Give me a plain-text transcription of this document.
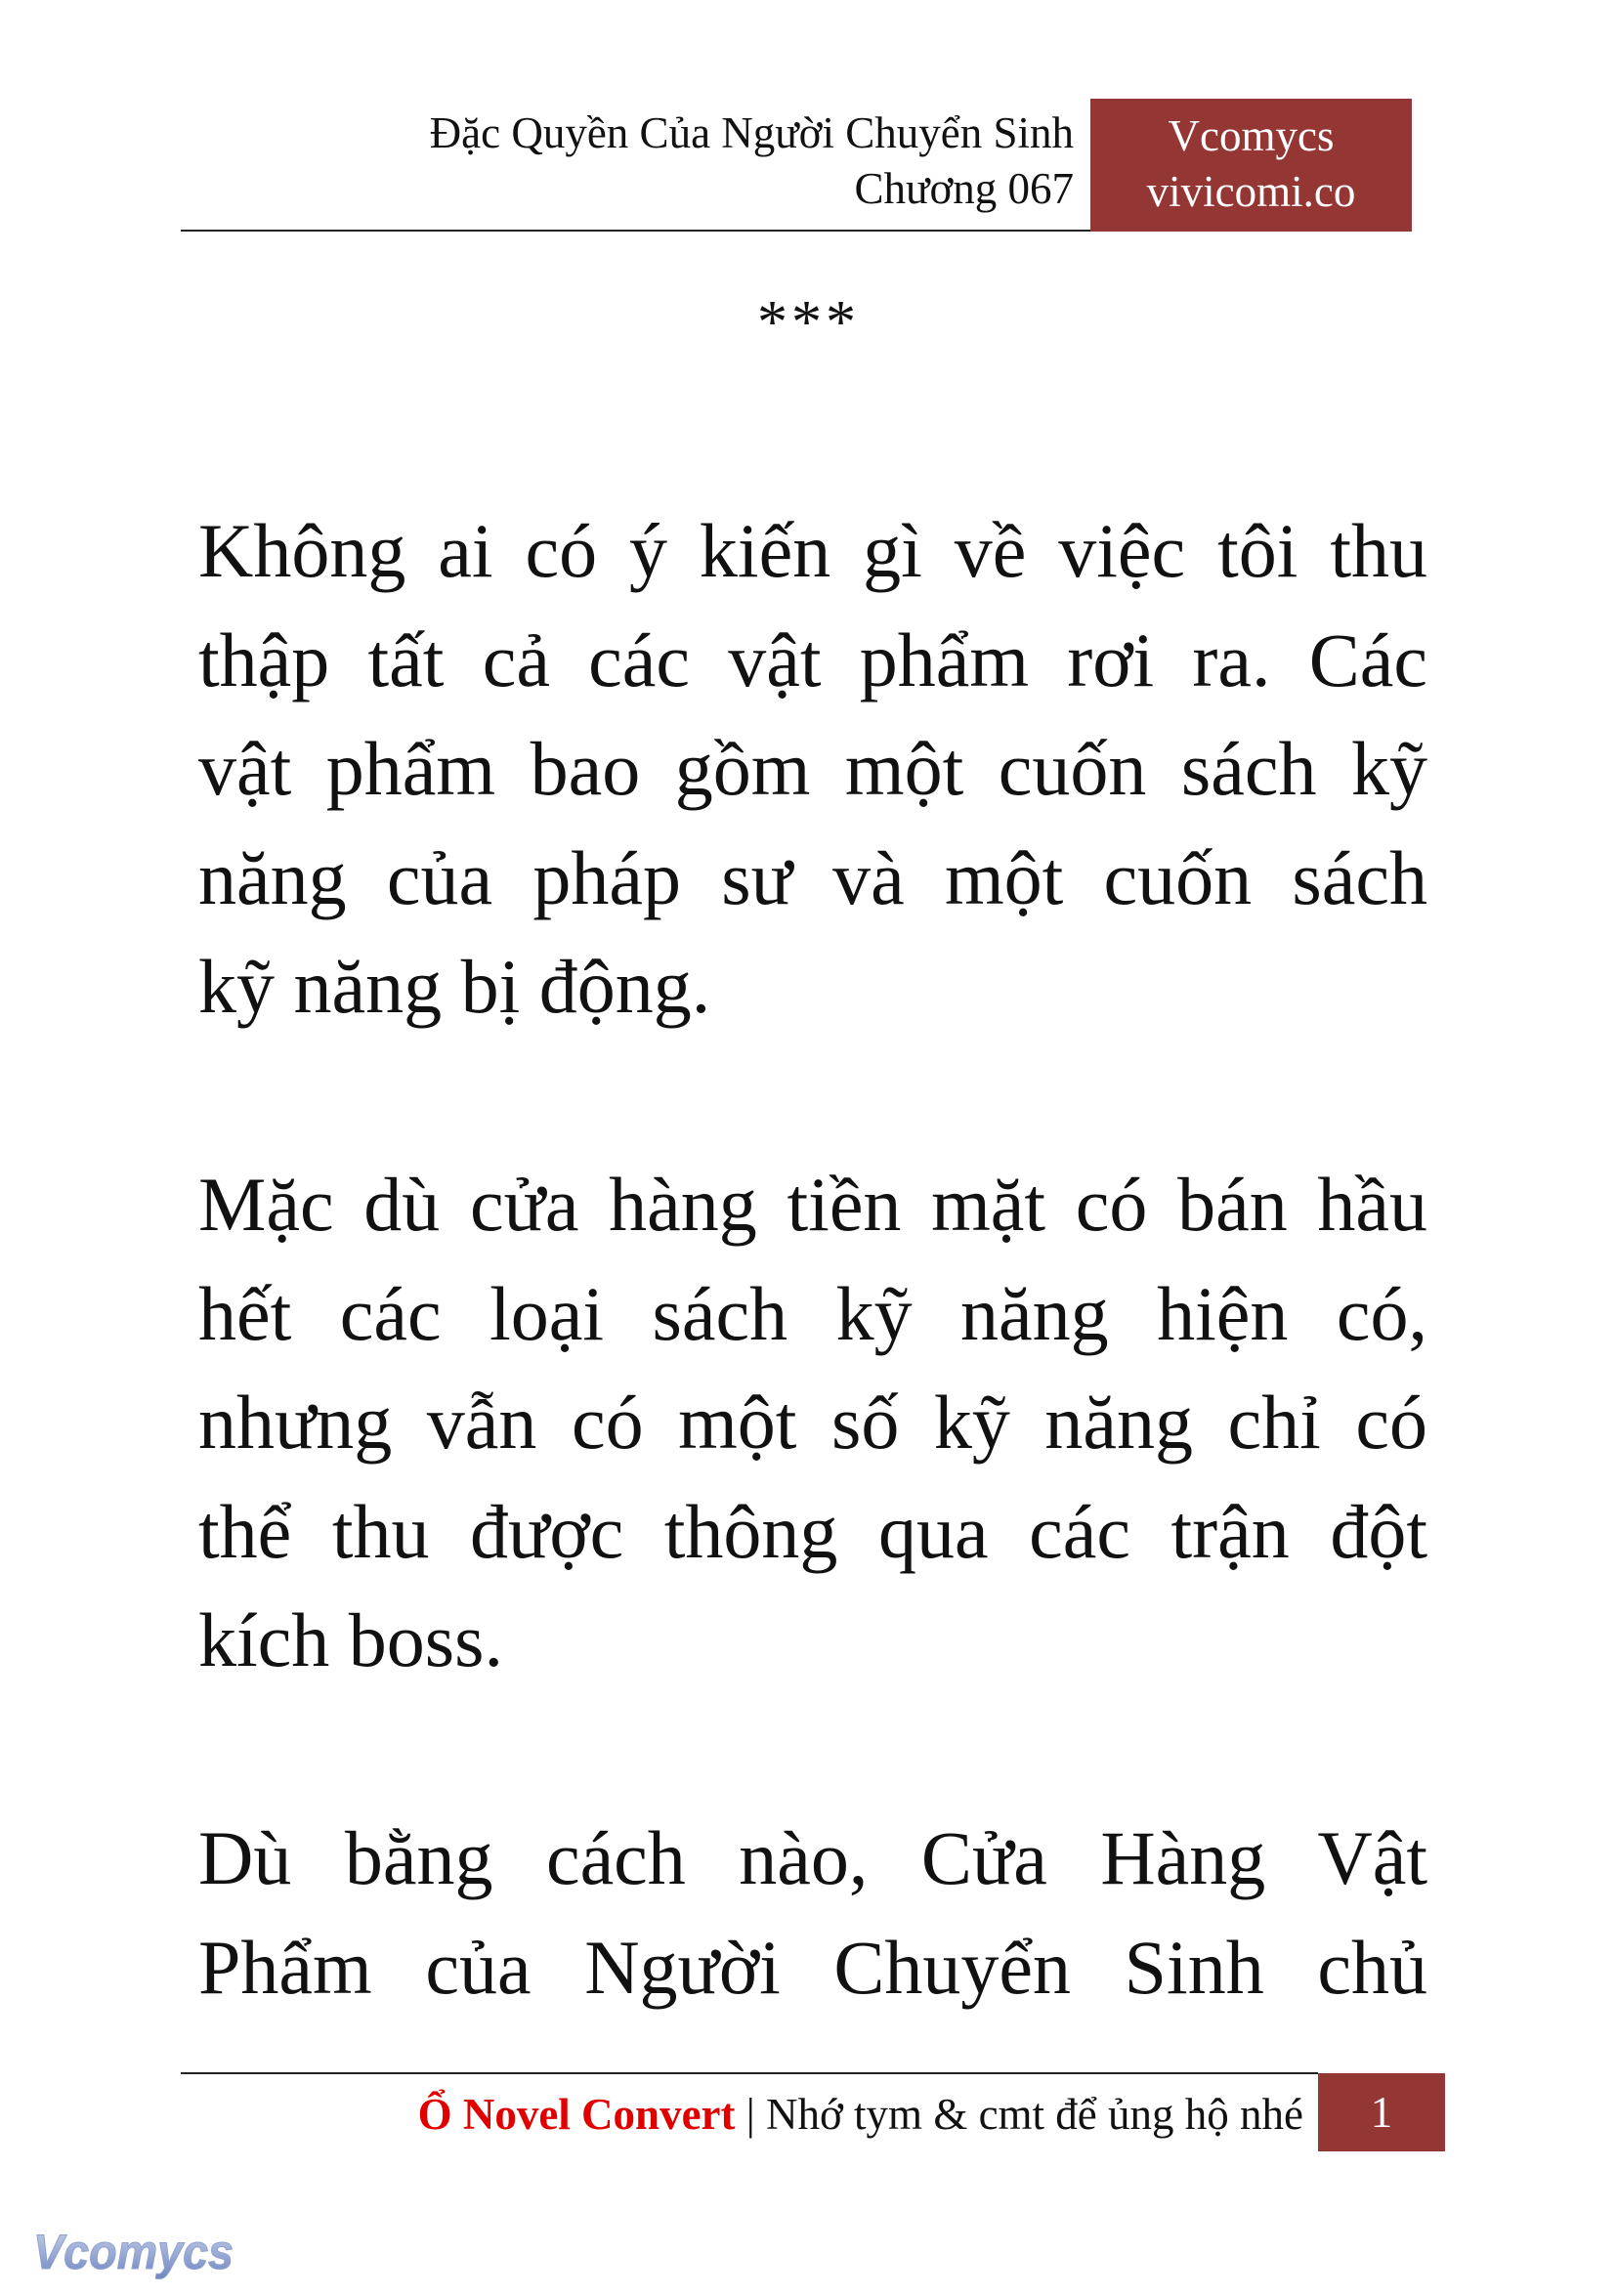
Đặc Quyền Của Người Chuyển Sinh
Chương 067
Vcomycs
vivicomi.co
***
Không ai có ý kiến gì về việc tôi thu
thập tất cả các vật phẩm rơi ra. Các
vật phẩm bao gồm một cuốn sách kỹ
năng của pháp sư và một cuốn sách
kỹ năng bị động.
Mặc dù cửa hàng tiền mặt có bán hầu
hết các loại sách kỹ năng hiện có,
nhưng vẫn có một số kỹ năng chỉ có
thể thu được thông qua các trận đột
kích boss.
Dù bằng cách nào, Cửa Hàng Vật
Phẩm của Người Chuyển Sinh chủ
Ổ Novel Convert | Nhớ tym & cmt để ủng hộ nhé	1
Vcomycs
